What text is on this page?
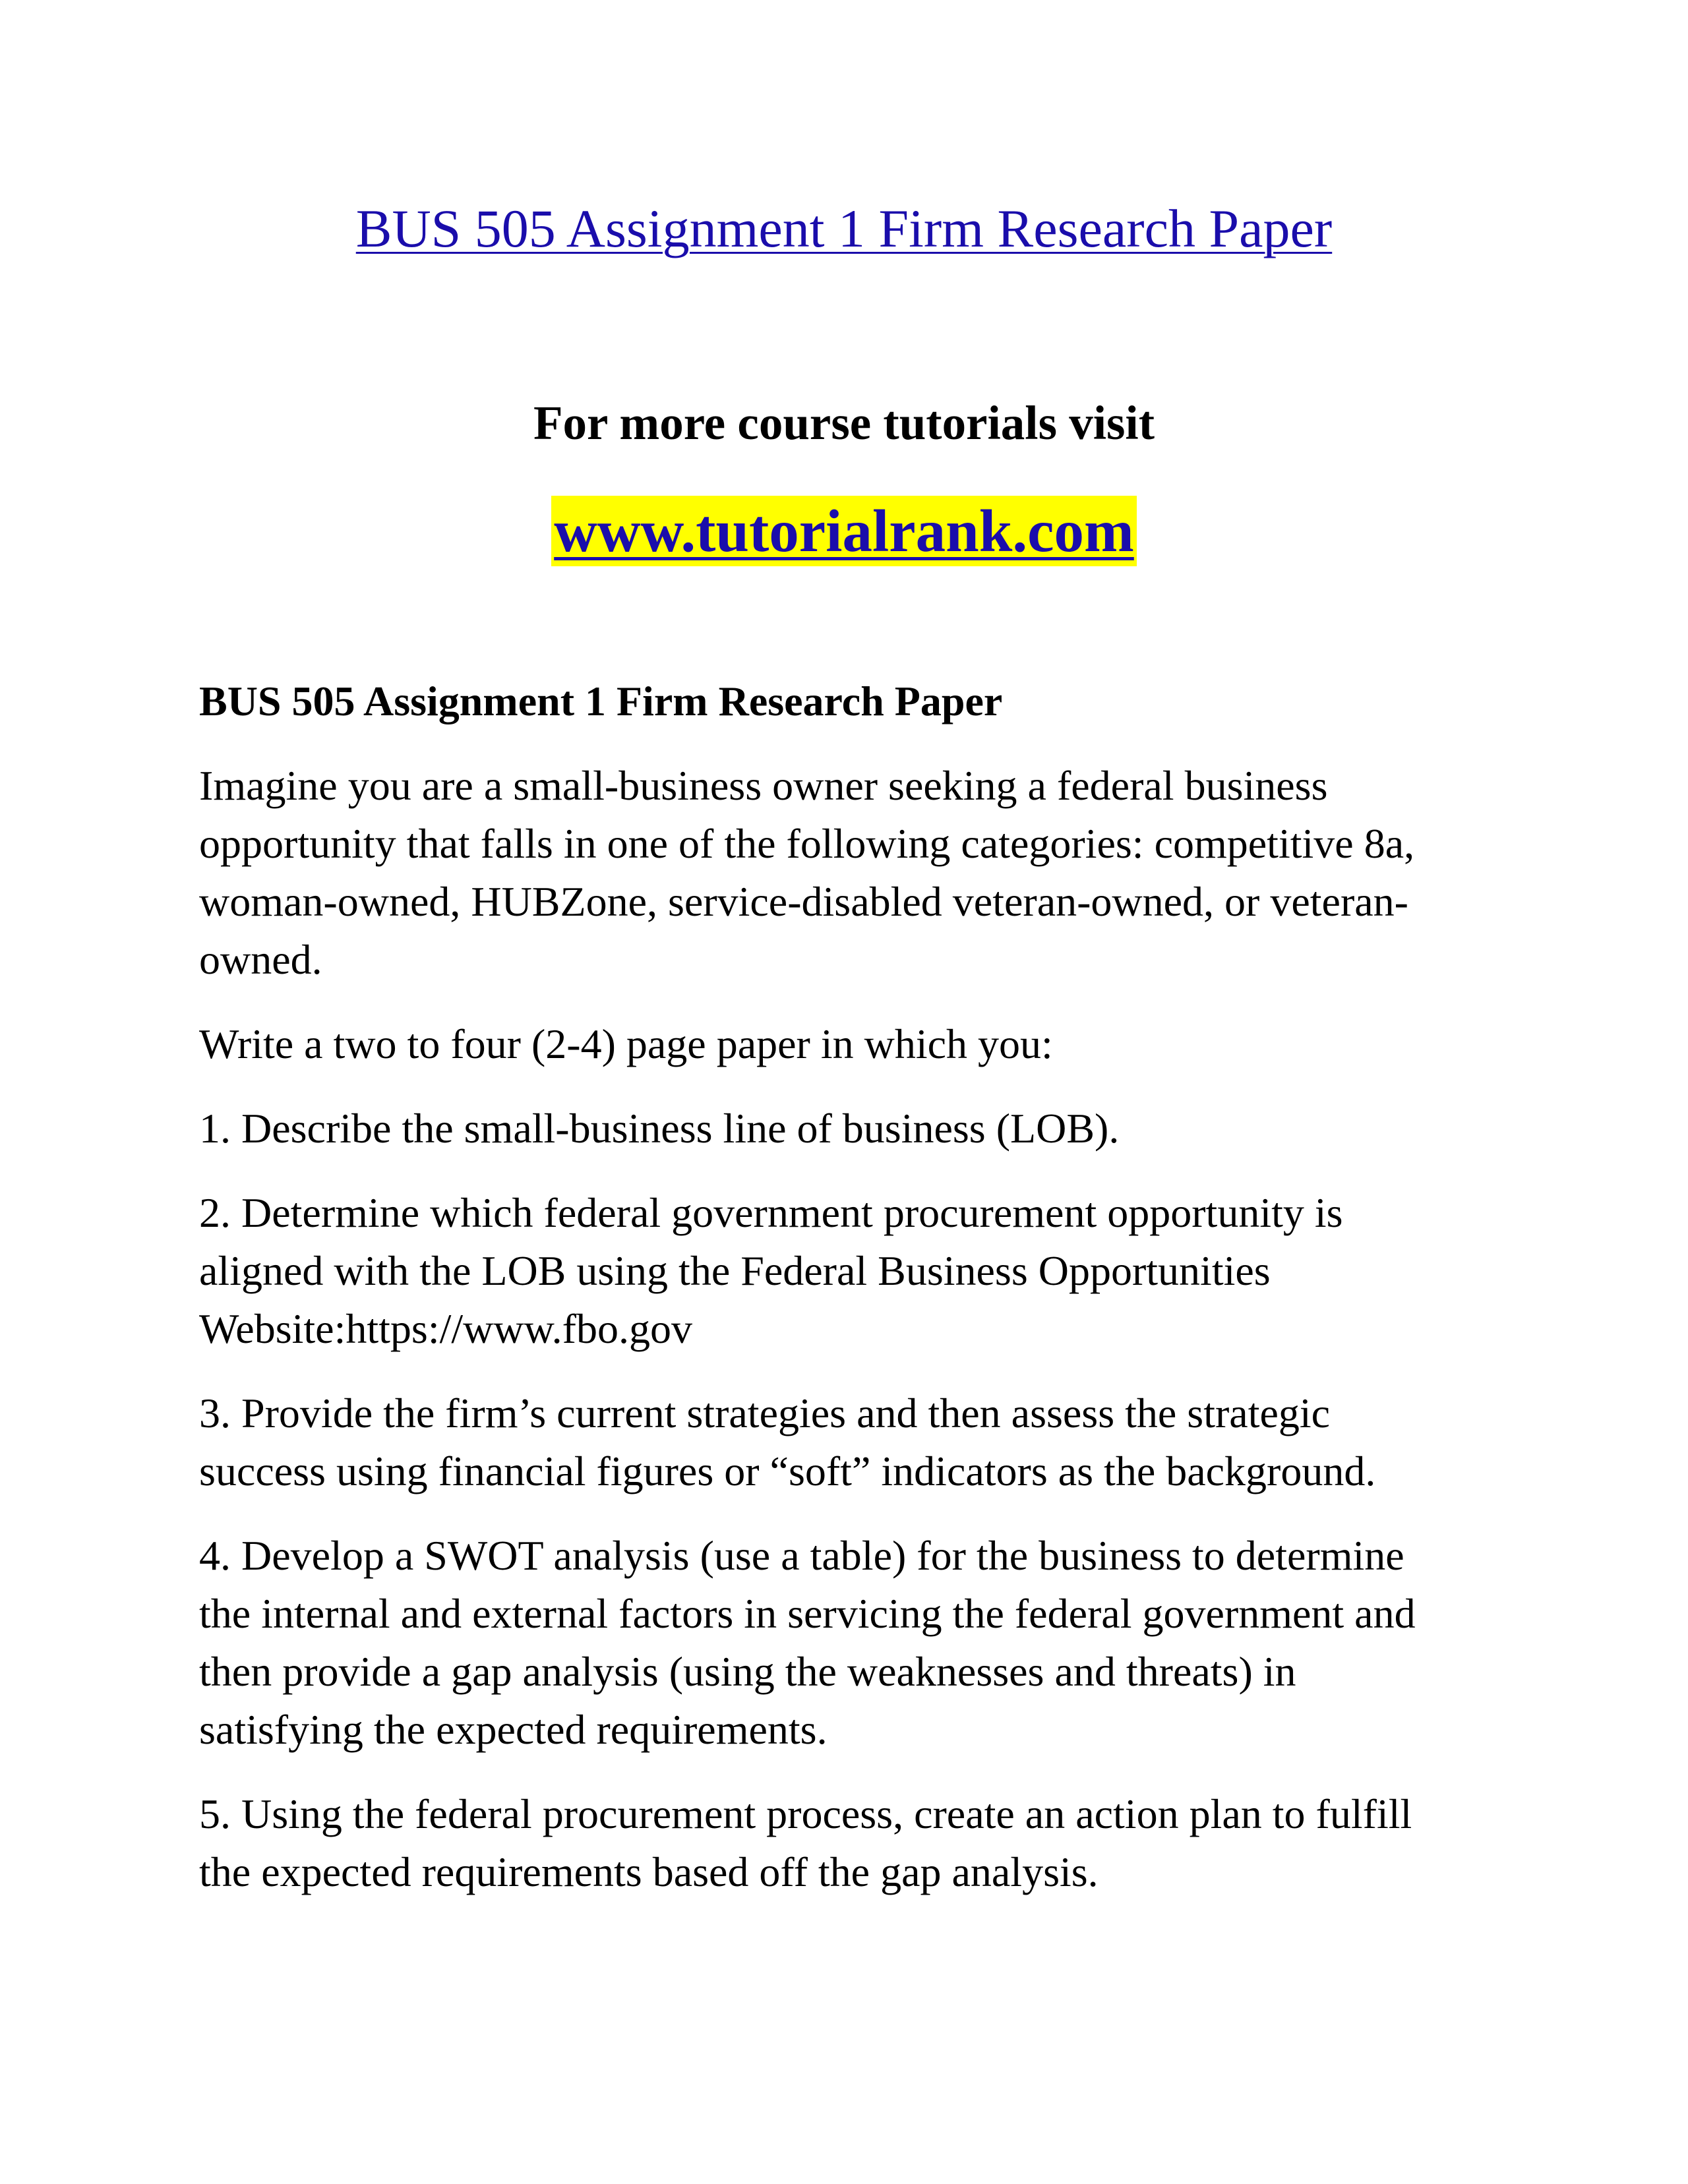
BUS 505 Assignment 1 Firm Research Paper
For more course tutorials visit
www.tutorialrank.com
BUS 505 Assignment 1 Firm Research Paper
Imagine you are a small-business owner seeking a federal business
opportunity that falls in one of the following categories: competitive 8a,
woman-owned, HUBZone, service-disabled veteran-owned, or veteran-
owned.
Write a two to four (2-4) page paper in which you:
1. Describe the small-business line of business (LOB).
2. Determine which federal government procurement opportunity is
aligned with the LOB using the Federal Business Opportunities
Website:https://www.fbo.gov
3. Provide the firm’s current strategies and then assess the strategic
success using financial figures or “soft” indicators as the background.
4. Develop a SWOT analysis (use a table) for the business to determine
the internal and external factors in servicing the federal government and
then provide a gap analysis (using the weaknesses and threats) in
satisfying the expected requirements.
5. Using the federal procurement process, create an action plan to fulfill
the expected requirements based off the gap analysis.
